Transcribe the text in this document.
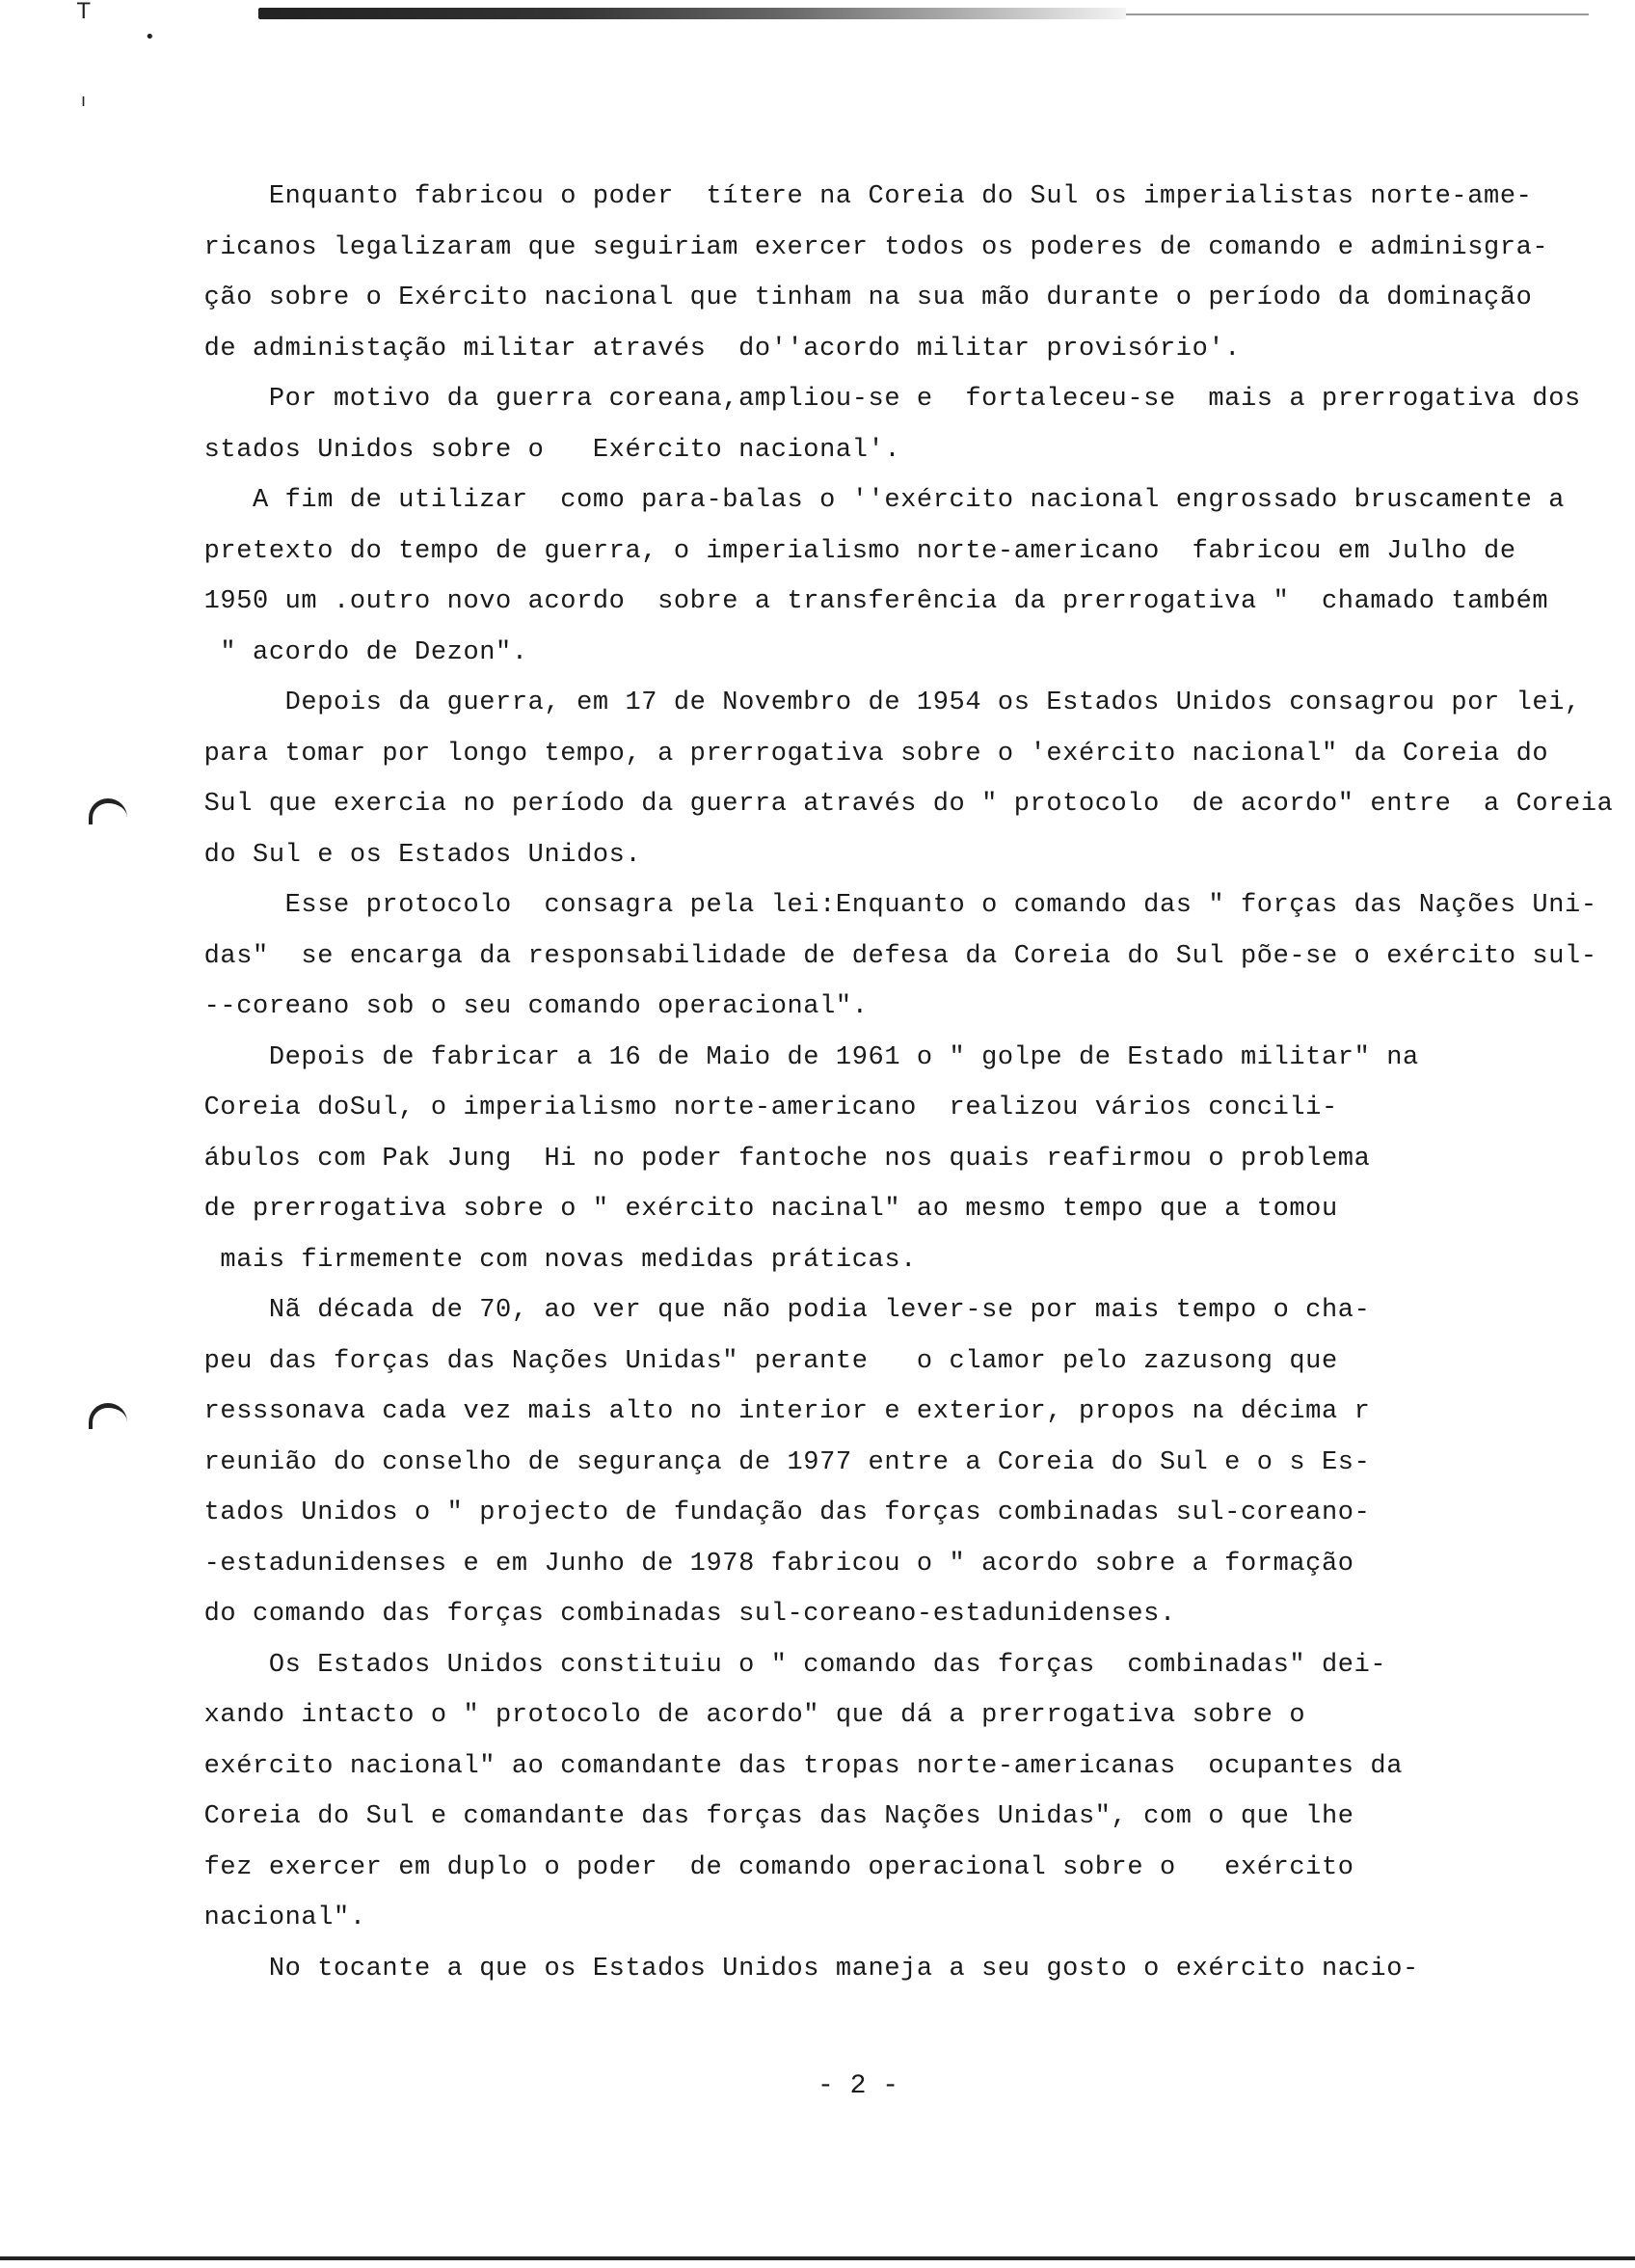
T
•
ı

Enquanto fabricou o poder  títere na Coreia do Sul os imperialistas norte-ame-

ricanos legalizaram que seguiriam exercer todos os poderes de comando e adminisgra-

ção sobre o Exército nacional que tinham na sua mão durante o período da dominação

de administação militar através  do''acordo militar provisório'.

Por motivo da guerra coreana,ampliou-se e  fortaleceu-se  mais a prerrogativa dos

stados Unidos sobre o   Exército nacional'.

A fim de utilizar  como para-balas o ''exército nacional engrossado bruscamente a

pretexto do tempo de guerra, o imperialismo norte-americano  fabricou em Julho de

1950 um .outro novo acordo  sobre a transferência da prerrogativa "  chamado também

" acordo de Dezon".

Depois da guerra, em 17 de Novembro de 1954 os Estados Unidos consagrou por lei,

para tomar por longo tempo, a prerrogativa sobre o 'exército nacional" da Coreia do

Sul que exercia no período da guerra através do " protocolo  de acordo" entre  a Coreia

do Sul e os Estados Unidos.

Esse protocolo  consagra pela lei:Enquanto o comando das " forças das Nações Uni-

das"  se encarga da responsabilidade de defesa da Coreia do Sul põe-se o exército sul-

--coreano sob o seu comando operacional".

Depois de fabricar a 16 de Maio de 1961 o " golpe de Estado militar" na

Coreia doSul, o imperialismo norte-americano  realizou vários concili-

ábulos com Pak Jung  Hi no poder fantoche nos quais reafirmou o problema

de prerrogativa sobre o " exército nacinal" ao mesmo tempo que a tomou

mais firmemente com novas medidas práticas.

Nã década de 70, ao ver que não podia lever-se por mais tempo o cha-

peu das forças das Nações Unidas" perante   o clamor pelo zazusong que

resssonava cada vez mais alto no interior e exterior, propos na décima r

reunião do conselho de segurança de 1977 entre a Coreia do Sul e o s Es-

tados Unidos o " projecto de fundação das forças combinadas sul-coreano-

-estadunidenses e em Junho de 1978 fabricou o " acordo sobre a formação

do comando das forças combinadas sul-coreano-estadunidenses.

Os Estados Unidos constituiu o " comando das forças  combinadas" dei-

xando intacto o " protocolo de acordo" que dá a prerrogativa sobre o

exército nacional" ao comandante das tropas norte-americanas  ocupantes da

Coreia do Sul e comandante das forças das Nações Unidas", com o que lhe

fez exercer em duplo o poder  de comando operacional sobre o   exército

nacional".

No tocante a que os Estados Unidos maneja a seu gosto o exército nacio-

- 2 -
